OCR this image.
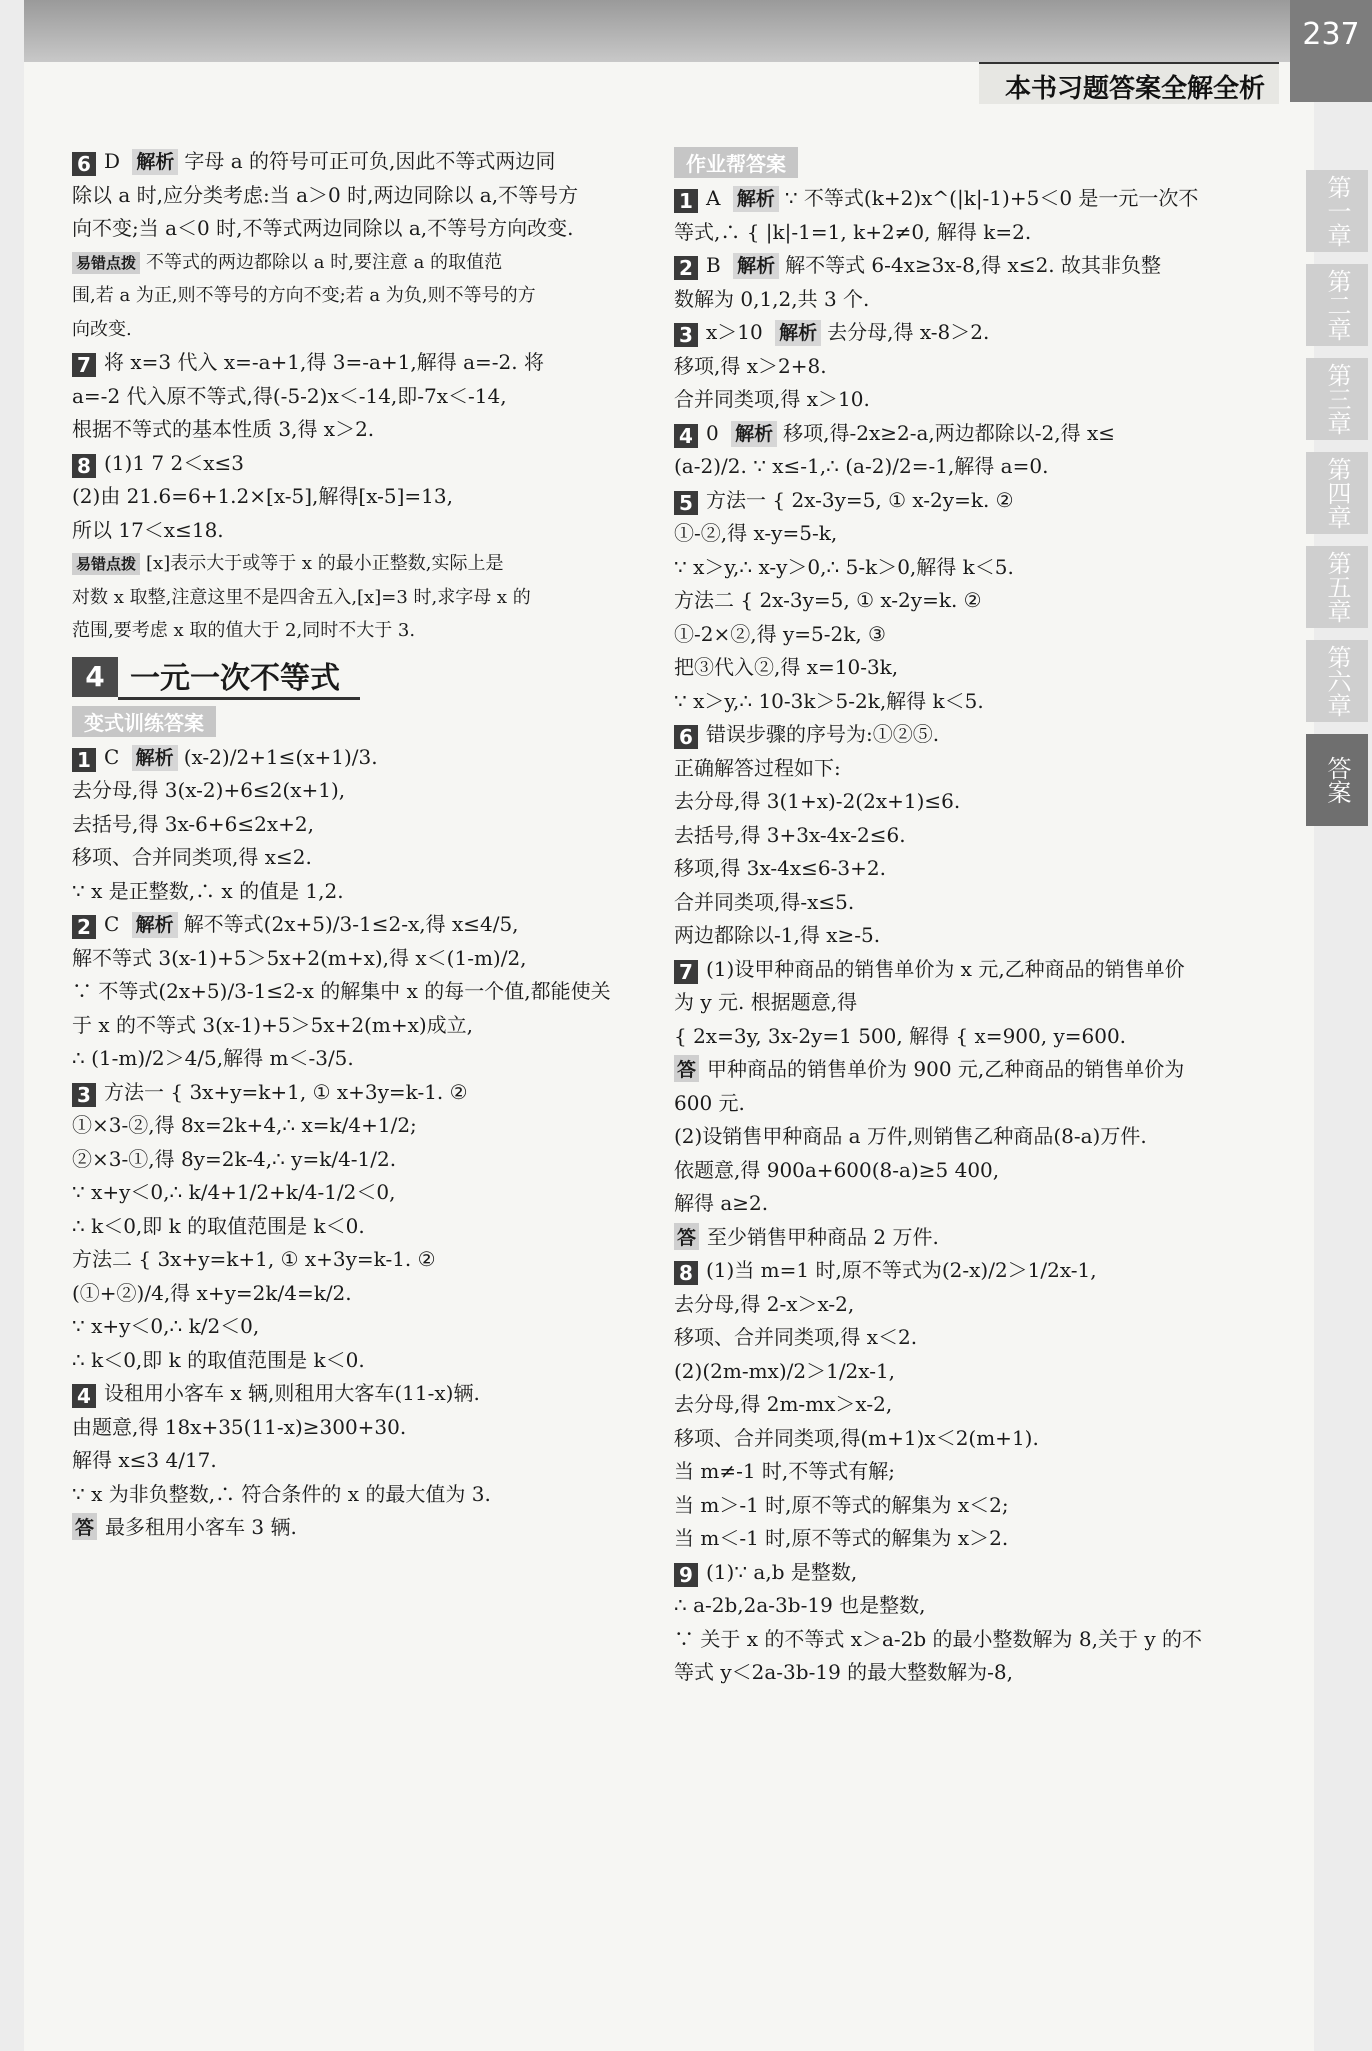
本书习题答案全解全析
237
6 D 解析 字母 a 的符号可正可负,因此不等式两边同
除以 a 时,应分类考虑:当 a＞0 时,两边同除以 a,不等号方
向不变;当 a＜0 时,不等式两边同除以 a,不等号方向改变.
易错点拨 不等式的两边都除以 a 时,要注意 a 的取值范
围,若 a 为正,则不等号的方向不变;若 a 为负,则不等号的方
向改变.
7 将 x=3 代入 x=-a+1,得 3=-a+1,解得 a=-2. 将
a=-2 代入原不等式,得(-5-2)x＜-14,即-7x＜-14,
根据不等式的基本性质 3,得 x＞2.
8 (1)1 7 2＜x≤3
(2)由 21.6=6+1.2×[x-5],解得[x-5]=13,
所以 17＜x≤18.
易错点拨 [x]表示大于或等于 x 的最小正整数,实际上是
对数 x 取整,注意这里不是四舍五入,[x]=3 时,求字母 x 的
范围,要考虑 x 取的值大于 2,同时不大于 3.
4 一元一次不等式
变式训练答案
1 C 解析 (x-2)/2+1≤(x+1)/3.
去分母,得 3(x-2)+6≤2(x+1),
去括号,得 3x-6+6≤2x+2,
移项、合并同类项,得 x≤2.
∵ x 是正整数,∴ x 的值是 1,2.
2 C 解析 解不等式(2x+5)/3-1≤2-x,得 x≤4/5,
解不等式 3(x-1)+5＞5x+2(m+x),得 x＜(1-m)/2,
∵ 不等式(2x+5)/3-1≤2-x 的解集中 x 的每一个值,都能使关
于 x 的不等式 3(x-1)+5＞5x+2(m+x)成立,
∴ (1-m)/2＞4/5,解得 m＜-3/5.
3 方法一 { 3x+y=k+1, ① x+3y=k-1. ②
①×3-②,得 8x=2k+4,∴ x=k/4+1/2;
②×3-①,得 8y=2k-4,∴ y=k/4-1/2.
∵ x+y＜0,∴ k/4+1/2+k/4-1/2＜0,
∴ k＜0,即 k 的取值范围是 k＜0.
方法二 { 3x+y=k+1, ① x+3y=k-1. ②
(①+②)/4,得 x+y=2k/4=k/2.
∵ x+y＜0,∴ k/2＜0,
∴ k＜0,即 k 的取值范围是 k＜0.
4 设租用小客车 x 辆,则租用大客车(11-x)辆.
由题意,得 18x+35(11-x)≥300+30.
解得 x≤3 4/17.
∵ x 为非负整数,∴ 符合条件的 x 的最大值为 3.
答 最多租用小客车 3 辆.
作业帮答案
1 A 解析 ∵ 不等式(k+2)x^(|k|-1)+5＜0 是一元一次不
等式,∴ { |k|-1=1, k+2≠0, 解得 k=2.
2 B 解析 解不等式 6-4x≥3x-8,得 x≤2. 故其非负整
数解为 0,1,2,共 3 个.
3 x＞10 解析 去分母,得 x-8＞2.
移项,得 x＞2+8.
合并同类项,得 x＞10.
4 0 解析 移项,得-2x≥2-a,两边都除以-2,得 x≤
(a-2)/2. ∵ x≤-1,∴ (a-2)/2=-1,解得 a=0.
5 方法一 { 2x-3y=5, ① x-2y=k. ②
①-②,得 x-y=5-k,
∵ x＞y,∴ x-y＞0,∴ 5-k＞0,解得 k＜5.
方法二 { 2x-3y=5, ① x-2y=k. ②
①-2×②,得 y=5-2k, ③
把③代入②,得 x=10-3k,
∵ x＞y,∴ 10-3k＞5-2k,解得 k＜5.
6 错误步骤的序号为:①②⑤.
正确解答过程如下:
去分母,得 3(1+x)-2(2x+1)≤6.
去括号,得 3+3x-4x-2≤6.
移项,得 3x-4x≤6-3+2.
合并同类项,得-x≤5.
两边都除以-1,得 x≥-5.
7 (1)设甲种商品的销售单价为 x 元,乙种商品的销售单价
为 y 元. 根据题意,得
{ 2x=3y, 3x-2y=1 500, 解得 { x=900, y=600.
答 甲种商品的销售单价为 900 元,乙种商品的销售单价为
600 元.
(2)设销售甲种商品 a 万件,则销售乙种商品(8-a)万件.
依题意,得 900a+600(8-a)≥5 400,
解得 a≥2.
答 至少销售甲种商品 2 万件.
8 (1)当 m=1 时,原不等式为(2-x)/2＞1/2x-1,
去分母,得 2-x＞x-2,
移项、合并同类项,得 x＜2.
(2)(2m-mx)/2＞1/2x-1,
去分母,得 2m-mx＞x-2,
移项、合并同类项,得(m+1)x＜2(m+1).
当 m≠-1 时,不等式有解;
当 m＞-1 时,原不等式的解集为 x＜2;
当 m＜-1 时,原不等式的解集为 x＞2.
9 (1)∵ a,b 是整数,
∴ a-2b,2a-3b-19 也是整数,
∵ 关于 x 的不等式 x＞a-2b 的最小整数解为 8,关于 y 的不
等式 y＜2a-3b-19 的最大整数解为-8,
第一章
第二章
第三章
第四章
第五章
第六章
答案
